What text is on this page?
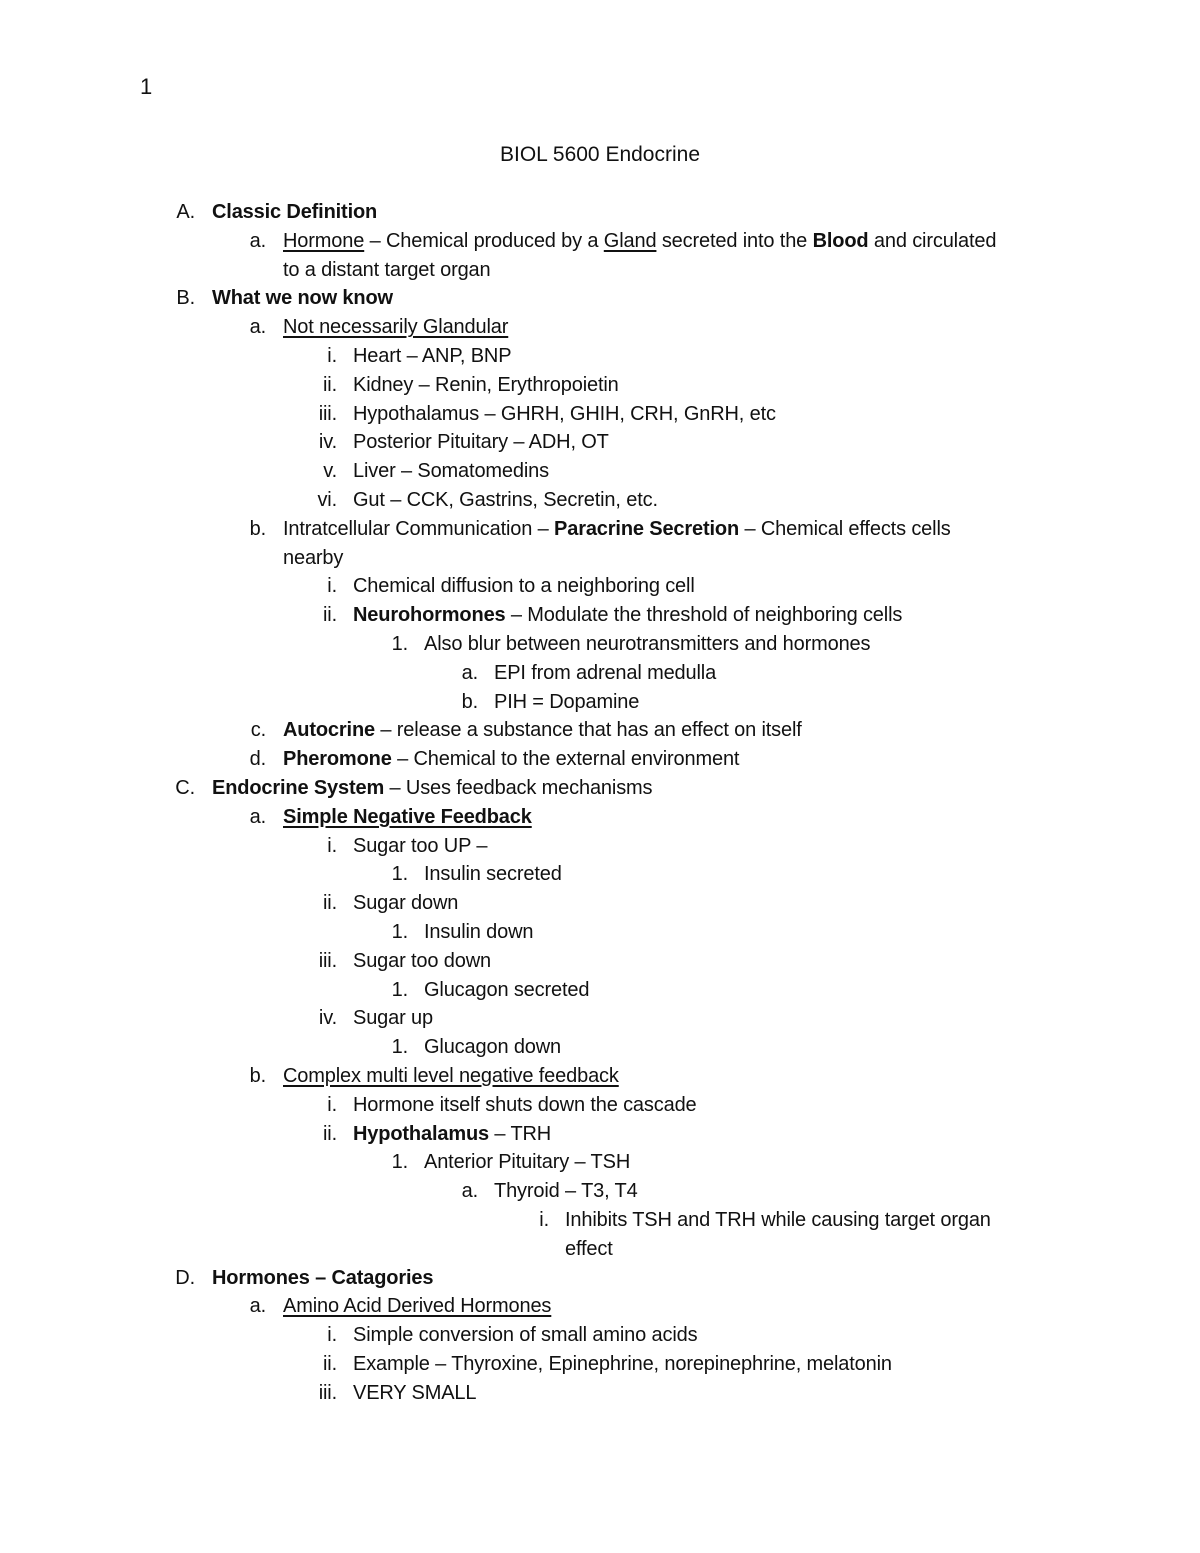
1
BIOL 5600 Endocrine
A. Classic Definition
a. Hormone – Chemical produced by a Gland secreted into the Blood and circulated
to a distant target organ
B. What we now know
a. Not necessarily Glandular
i. Heart – ANP, BNP
ii. Kidney – Renin, Erythropoietin
iii. Hypothalamus – GHRH, GHIH, CRH, GnRH, etc
iv. Posterior Pituitary – ADH, OT
v. Liver – Somatomedins
vi. Gut – CCK, Gastrins, Secretin, etc.
b. Intratcellular Communication – Paracrine Secretion – Chemical effects cells
nearby
i. Chemical diffusion to a neighboring cell
ii. Neurohormones – Modulate the threshold of neighboring cells
1. Also blur between neurotransmitters and hormones
a. EPI from adrenal medulla
b. PIH = Dopamine
c. Autocrine – release a substance that has an effect on itself
d. Pheromone – Chemical to the external environment
C. Endocrine System – Uses feedback mechanisms
a. Simple Negative Feedback
i. Sugar too UP –
1. Insulin secreted
ii. Sugar down
1. Insulin down
iii. Sugar too down
1. Glucagon secreted
iv. Sugar up
1. Glucagon down
b. Complex multi level negative feedback
i. Hormone itself shuts down the cascade
ii. Hypothalamus – TRH
1. Anterior Pituitary – TSH
a. Thyroid – T3, T4
i. Inhibits TSH and TRH while causing target organ
effect
D. Hormones – Catagories
a. Amino Acid Derived Hormones
i. Simple conversion of small amino acids
ii. Example – Thyroxine, Epinephrine, norepinephrine, melatonin
iii. VERY SMALL
